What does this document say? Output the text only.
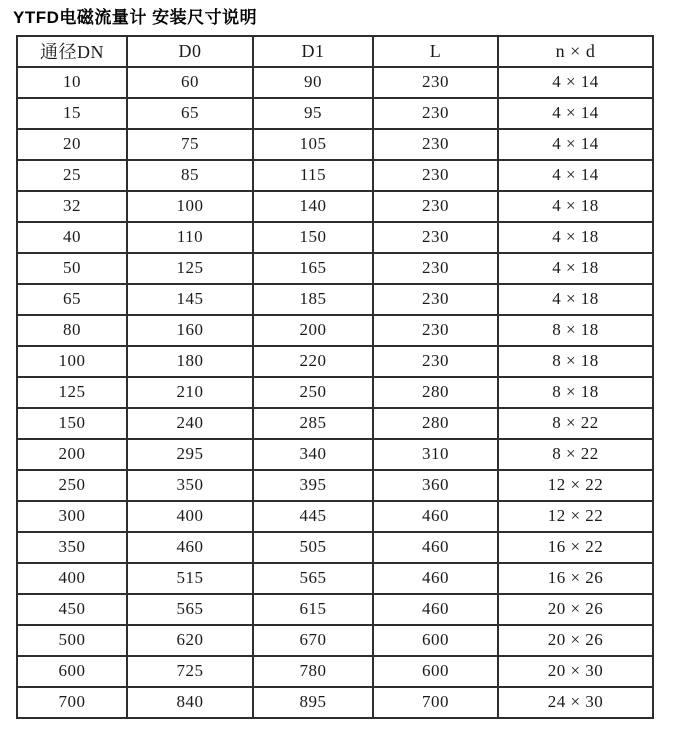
YTFD电磁流量计 安装尺寸说明
通径DN	D0	D1	L	n × d
10	60	90	230	4 × 14
15	65	95	230	4 × 14
20	75	105	230	4 × 14
25	85	115	230	4 × 14
32	100	140	230	4 × 18
40	110	150	230	4 × 18
50	125	165	230	4 × 18
65	145	185	230	4 × 18
80	160	200	230	8 × 18
100	180	220	230	8 × 18
125	210	250	280	8 × 18
150	240	285	280	8 × 22
200	295	340	310	8 × 22
250	350	395	360	12 × 22
300	400	445	460	12 × 22
350	460	505	460	16 × 22
400	515	565	460	16 × 26
450	565	615	460	20 × 26
500	620	670	600	20 × 26
600	725	780	600	20 × 30
700	840	895	700	24 × 30
